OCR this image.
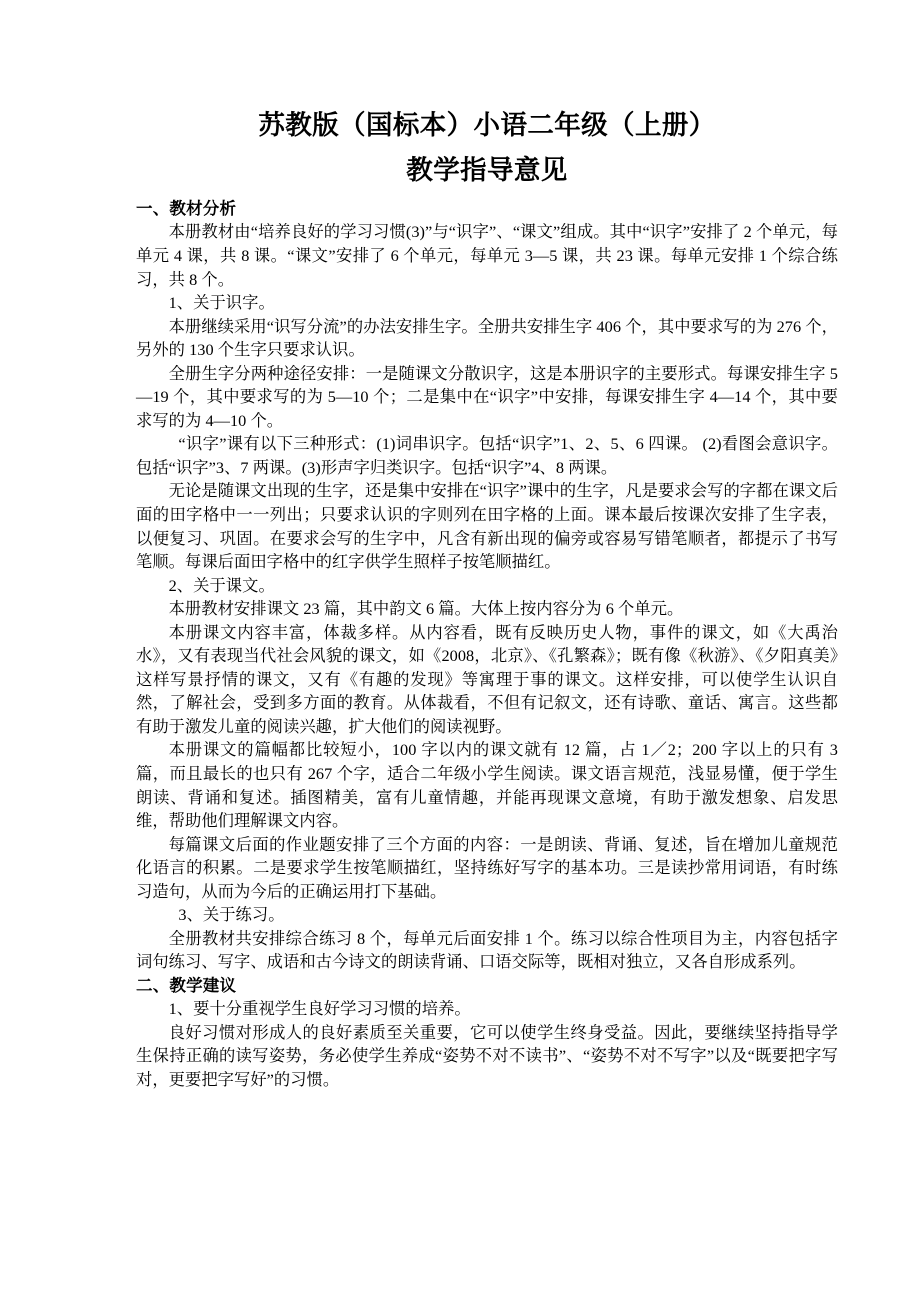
苏教版（国标本）小语二年级（上册）
教学指导意见
一、教材分析

本册教材由“培养良好的学习习惯(3)”与“识字”、“课文”组成。其中“识字”安排了 2 个单元，每单元 4 课，共 8 课。“课文”安排了 6 个单元，每单元 3—5 课，共 23 课。每单元安排 1 个综合练习，共 8 个。

1、关于识字。

本册继续采用“识写分流”的办法安排生字。全册共安排生字 406 个，其中要求写的为 276 个，另外的 130 个生字只要求认识。

全册生字分两种途径安排：一是随课文分散识字，这是本册识字的主要形式。每课安排生字 5—19 个，其中要求写的为 5—10 个；二是集中在“识字”中安排，每课安排生字 4—14 个，其中要求写的为 4—10 个。

“识字”课有以下三种形式：(1)词串识字。包括“识字”1、2、5、6 四课。 (2)看图会意识字。包括“识字”3、7 两课。(3)形声字归类识字。包括“识字”4、8 两课。

无论是随课文出现的生字，还是集中安排在“识字”课中的生字，凡是要求会写的字都在课文后面的田字格中一一列出；只要求认识的字则列在田字格的上面。课本最后按课次安排了生字表，以便复习、巩固。在要求会写的生字中，凡含有新出现的偏旁或容易写错笔顺者，都提示了书写笔顺。每课后面田字格中的红字供学生照样子按笔顺描红。

2、关于课文。

本册教材安排课文 23 篇，其中韵文 6 篇。大体上按内容分为 6 个单元。

本册课文内容丰富，体裁多样。从内容看，既有反映历史人物，事件的课文，如《大禹治水》，又有表现当代社会风貌的课文，如《2008，北京》、《孔繁森》；既有像《秋游》、《夕阳真美》这样写景抒情的课文，又有《有趣的发现》等寓理于事的课文。这样安排，可以使学生认识自然，了解社会，受到多方面的教育。从体裁看，不但有记叙文，还有诗歌、童话、寓言。这些都有助于激发儿童的阅读兴趣，扩大他们的阅读视野。

本册课文的篇幅都比较短小，100 字以内的课文就有 12 篇，占 1／2；200 字以上的只有 3 篇，而且最长的也只有 267 个字，适合二年级小学生阅读。课文语言规范，浅显易懂，便于学生朗读、背诵和复述。插图精美，富有儿童情趣，并能再现课文意境，有助于激发想象、启发思维，帮助他们理解课文内容。

每篇课文后面的作业题安排了三个方面的内容：一是朗读、背诵、复述，旨在增加儿童规范化语言的积累。二是要求学生按笔顺描红，坚持练好写字的基本功。三是读抄常用词语，有时练习造句，从而为今后的正确运用打下基础。

3、关于练习。

全册教材共安排综合练习 8 个，每单元后面安排 1 个。练习以综合性项目为主，内容包括字词句练习、写字、成语和古今诗文的朗读背诵、口语交际等，既相对独立，又各自形成系列。

二、教学建议

1、要十分重视学生良好学习习惯的培养。

良好习惯对形成人的良好素质至关重要，它可以使学生终身受益。因此，要继续坚持指导学生保持正确的读写姿势，务必使学生养成“姿势不对不读书”、“姿势不对不写字”以及“既要把字写对，更要把字写好”的习惯。
